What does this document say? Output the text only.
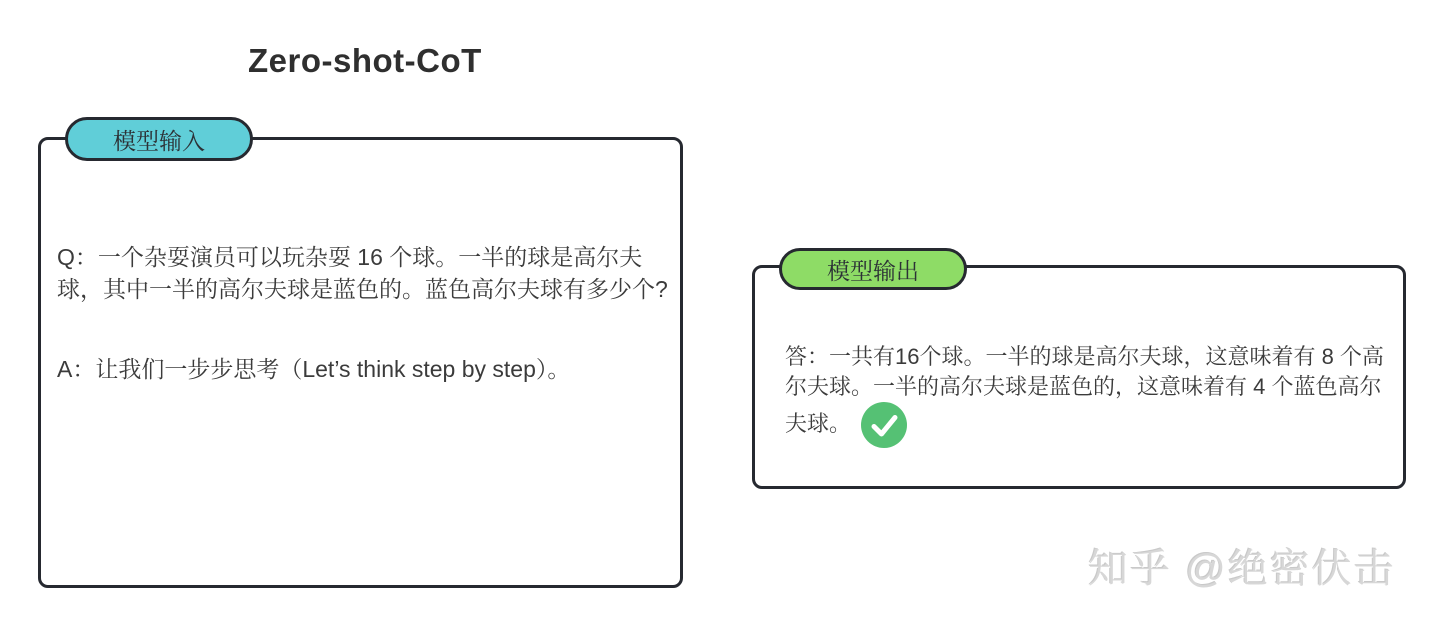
Zero-shot-CoT
模型输入

Q：一个杂耍演员可以玩杂耍 16 个球。一半的球是高尔夫球，其中一半的高尔夫球是蓝色的。蓝色高尔夫球有多少个?

A：让我们一步步思考（Let’s think step by step）。

模型输出

答：一共有16个球。一半的球是高尔夫球，这意味着有 8 个高尔夫球。一半的高尔夫球是蓝色的，这意味着有 4 个蓝色高尔夫球。

知乎 @绝密伏击
